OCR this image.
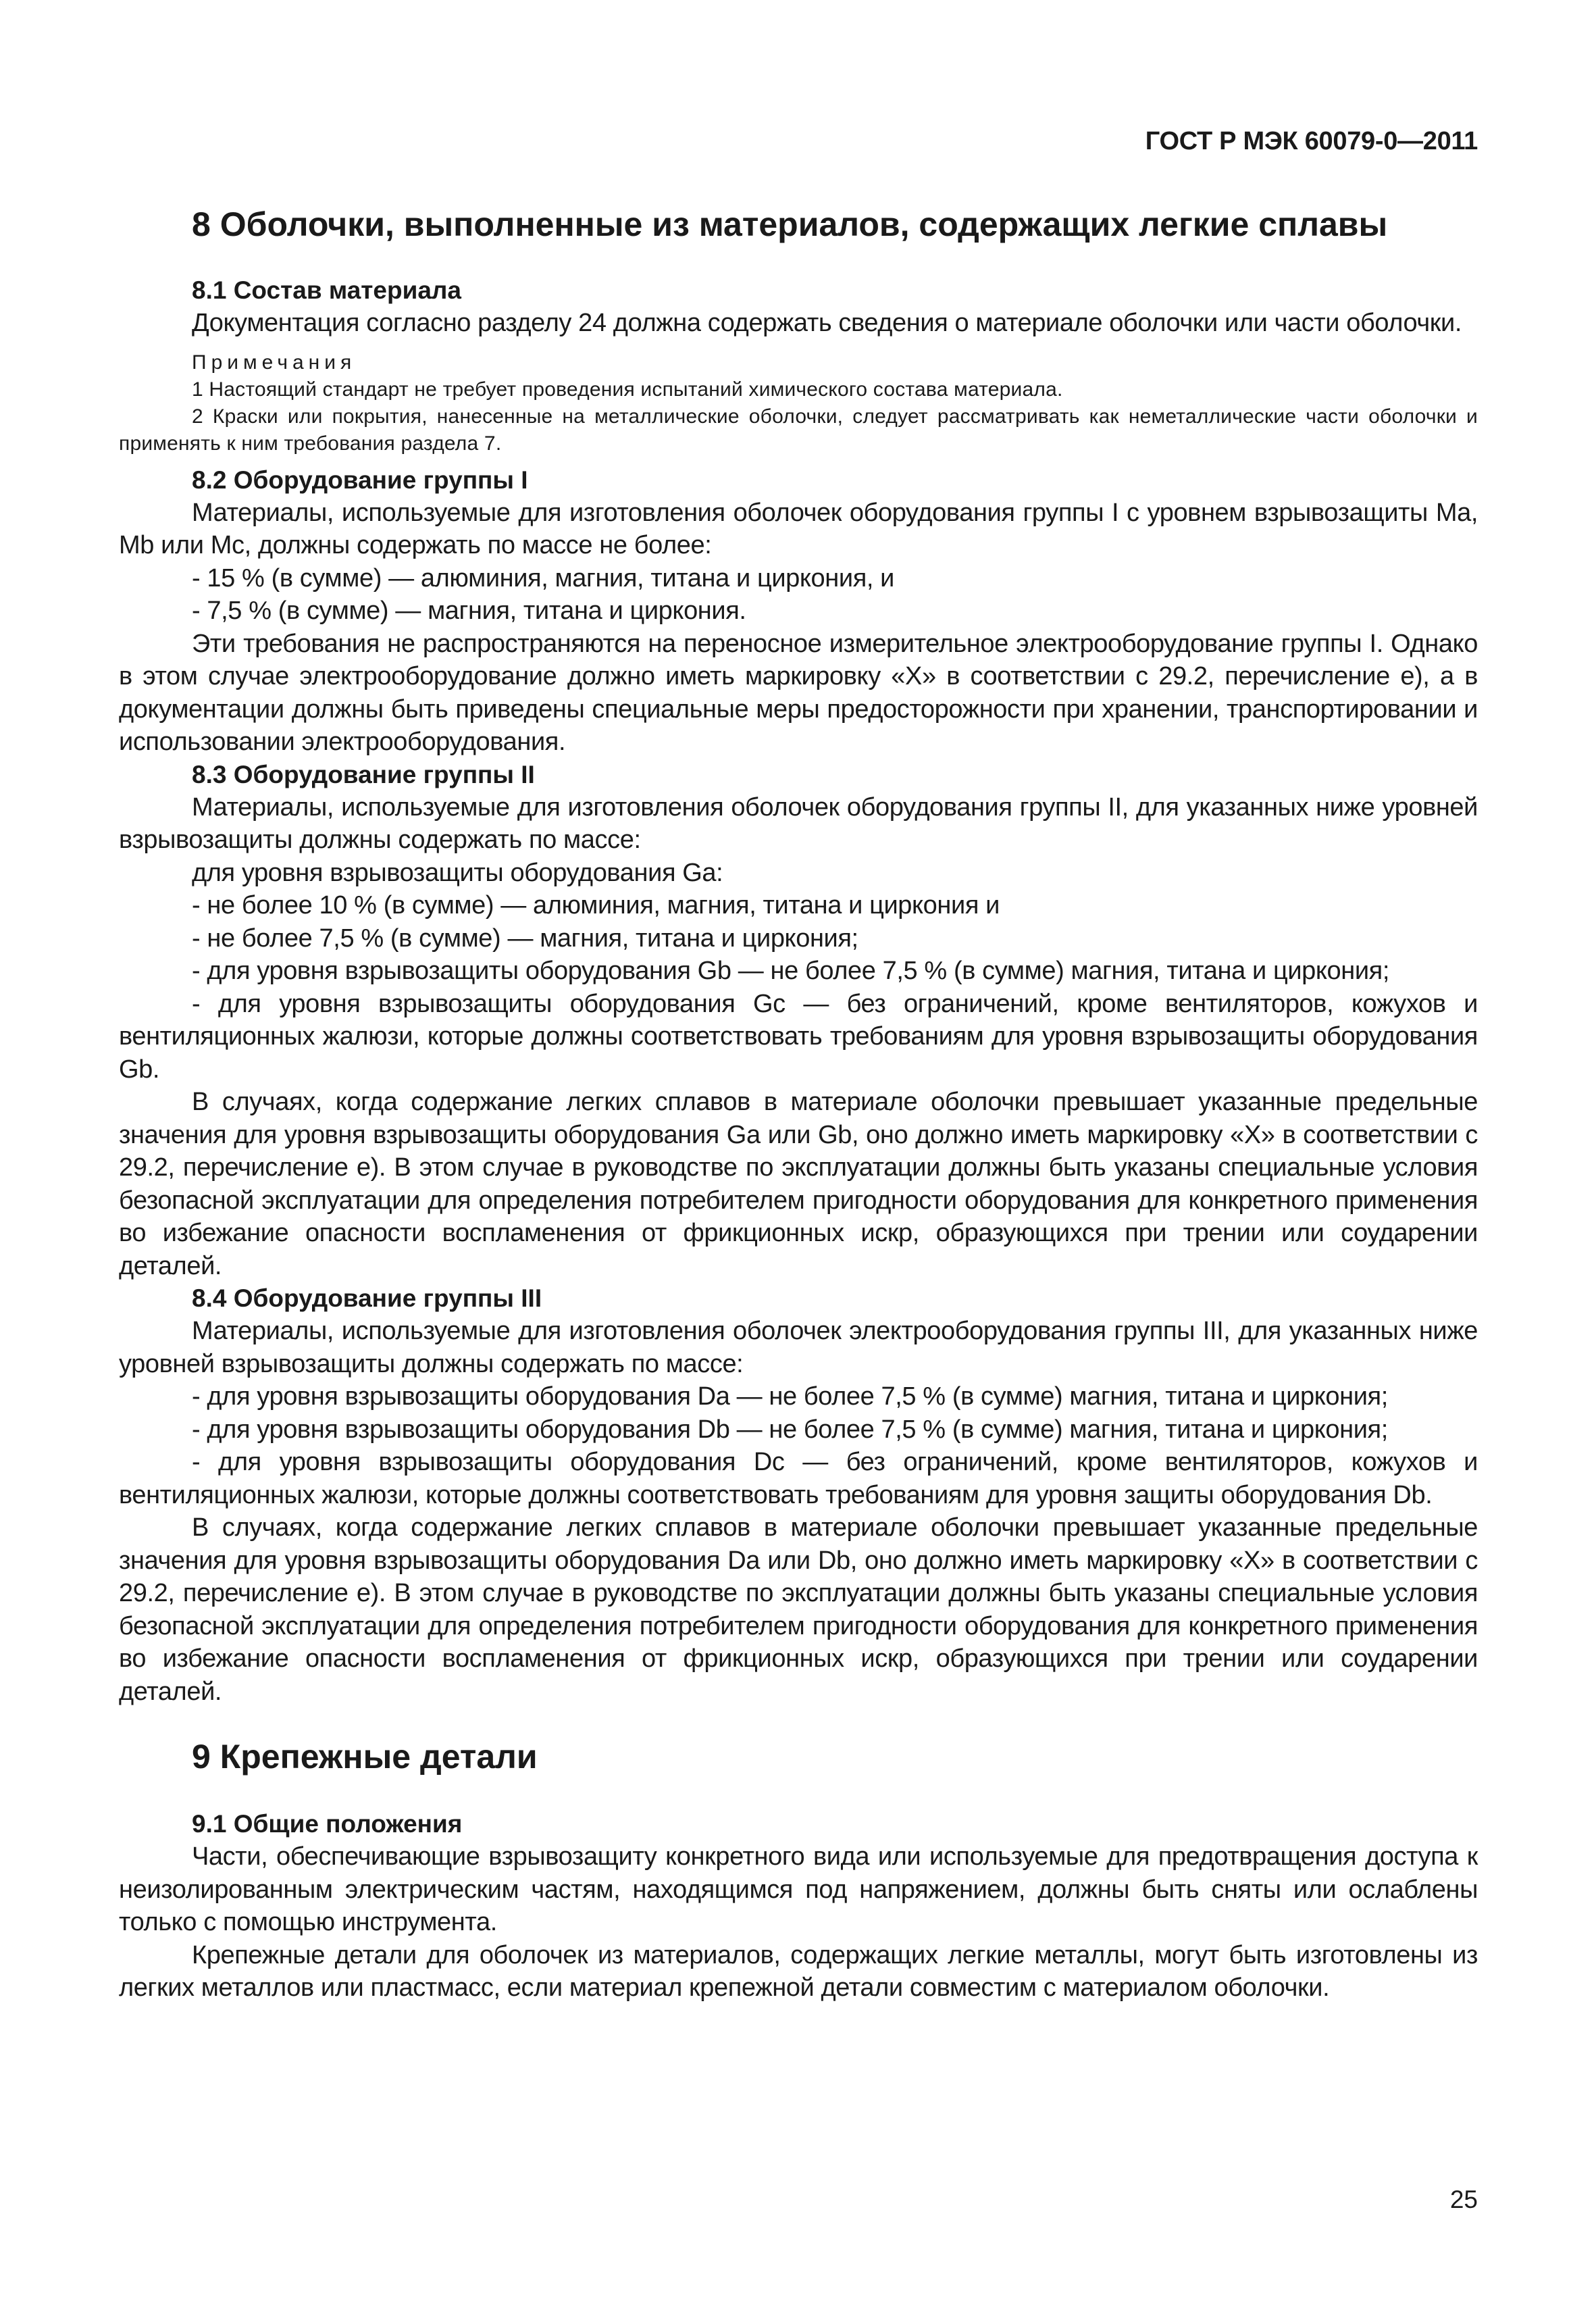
ГОСТ Р МЭК 60079-0—2011
8 Оболочки, выполненные из материалов, содержащих легкие сплавы
8.1 Состав материала

Документация согласно разделу 24 должна содержать сведения о материале оболочки или части оболочки.

Примечания
1 Настоящий стандарт не требует проведения испытаний химического состава материала.
2 Краски или покрытия, нанесенные на металлические оболочки, следует рассматривать как неметаллические части оболочки и применять к ним требования раздела 7.
8.2 Оборудование группы I

Материалы, используемые для изготовления оболочек оборудования группы I с уровнем взрывозащиты Ma, Mb или Mc, должны содержать по массе не более:

- 15 % (в сумме) — алюминия, магния, титана и циркония, и

- 7,5 % (в сумме) — магния, титана и циркония.

Эти требования не распространяются на переносное измерительное электрооборудование группы I. Однако в этом случае электрооборудование должно иметь маркировку «X» в соответствии с 29.2, перечисление е), а в документации должны быть приведены специальные меры предосторожности при хранении, транспортировании и использовании электрооборудования.

8.3 Оборудование группы II

Материалы, используемые для изготовления оболочек оборудования группы II, для указанных ниже уровней взрывозащиты должны содержать по массе:

для уровня взрывозащиты оборудования Ga:

- не более 10 % (в сумме) — алюминия, магния, титана и циркония и

- не более 7,5 % (в сумме) — магния, титана и циркония;

- для уровня взрывозащиты оборудования Gb — не более 7,5 % (в сумме) магния, титана и циркония;

- для уровня взрывозащиты оборудования Gc — без ограничений, кроме вентиляторов, кожухов и вентиляционных жалюзи, которые должны соответствовать требованиям для уровня взрывозащиты оборудования Gb.

В случаях, когда содержание легких сплавов в материале оболочки превышает указанные предельные значения для уровня взрывозащиты оборудования Ga или Gb, оно должно иметь маркировку «X» в соответствии с 29.2, перечисление е). В этом случае в руководстве по эксплуатации должны быть указаны специальные условия безопасной эксплуатации для определения потребителем пригодности оборудования для конкретного применения во избежание опасности воспламенения от фрикционных искр, образующихся при трении или соударении деталей.

8.4 Оборудование группы III

Материалы, используемые для изготовления оболочек электрооборудования группы III, для указанных ниже уровней взрывозащиты должны содержать по массе:

- для уровня взрывозащиты оборудования Da — не более 7,5 % (в сумме) магния, титана и циркония;

- для уровня взрывозащиты оборудования Db — не более 7,5 % (в сумме) магния, титана и циркония;

- для уровня взрывозащиты оборудования Dc — без ограничений, кроме вентиляторов, кожухов и вентиляционных жалюзи, которые должны соответствовать требованиям для уровня защиты оборудования Db.

В случаях, когда содержание легких сплавов в материале оболочки превышает указанные предельные значения для уровня взрывозащиты оборудования Da или Db, оно должно иметь маркировку «X» в соответствии с 29.2, перечисление е). В этом случае в руководстве по эксплуатации должны быть указаны специальные условия безопасной эксплуатации для определения потребителем пригодности оборудования для конкретного применения во избежание опасности воспламенения от фрикционных искр, образующихся при трении или соударении деталей.

9 Крепежные детали
9.1 Общие положения

Части, обеспечивающие взрывозащиту конкретного вида или используемые для предотвращения доступа к неизолированным электрическим частям, находящимся под напряжением, должны быть сняты или ослаблены только с помощью инструмента.

Крепежные детали для оболочек из материалов, содержащих легкие металлы, могут быть изготовлены из легких металлов или пластмасс, если материал крепежной детали совместим с материалом оболочки.

25
